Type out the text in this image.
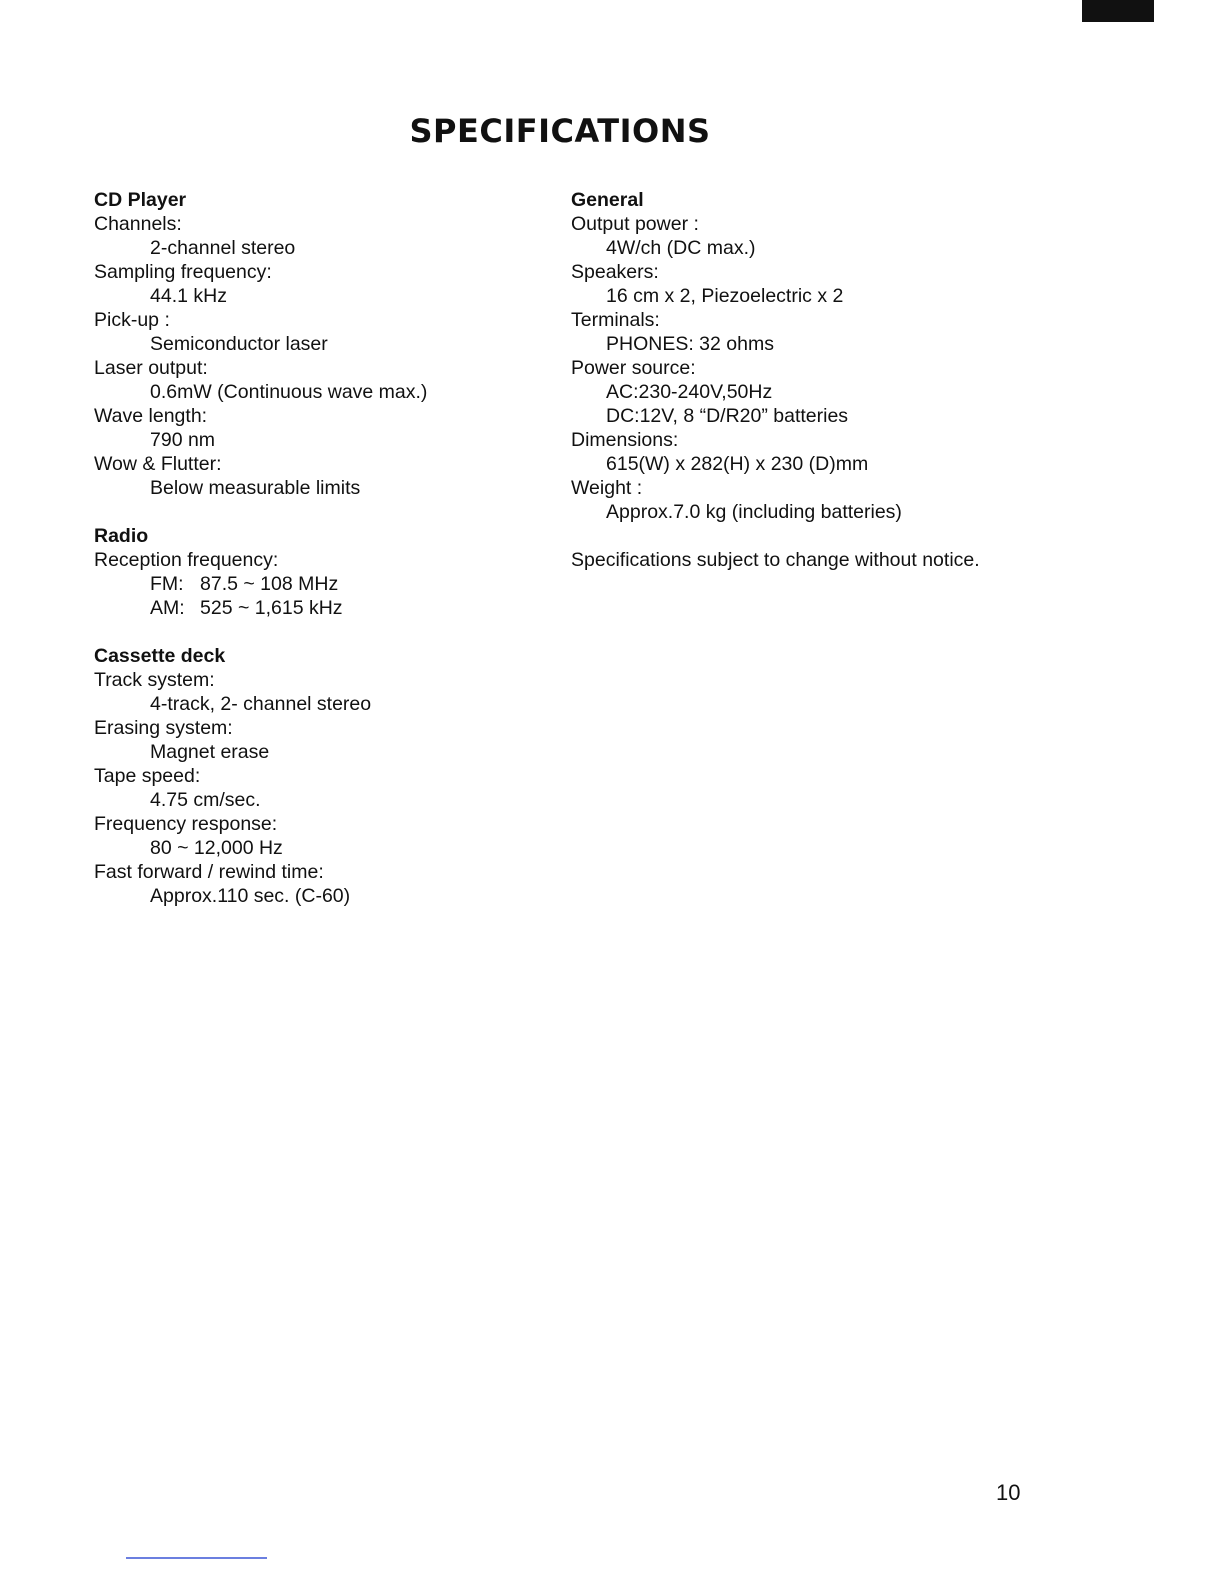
SPECIFICATIONS
CD Player
Channels:
2-channel stereo
Sampling frequency:
44.1 kHz
Pick-up :
Semiconductor laser
Laser output:
0.6mW (Continuous wave max.)
Wave length:
790 nm
Wow & Flutter:
Below measurable limits
Radio
Reception frequency:
FM: 87.5 ~ 108 MHz
AM: 525 ~ 1,615 kHz
Cassette deck
Track system:
4-track, 2- channel stereo
Erasing system:
Magnet erase
Tape speed:
4.75 cm/sec.
Frequency response:
80 ~ 12,000 Hz
Fast forward / rewind time:
Approx.110 sec. (C-60)
General
Output power :
4W/ch (DC max.)
Speakers:
16 cm x 2, Piezoelectric x 2
Terminals:
PHONES: 32 ohms
Power source:
AC:230-240V,50Hz
DC:12V, 8 “D/R20” batteries
Dimensions:
615(W) x 282(H) x 230 (D)mm
Weight :
Approx.7.0 kg (including batteries)
Specifications subject to change without notice.
10
